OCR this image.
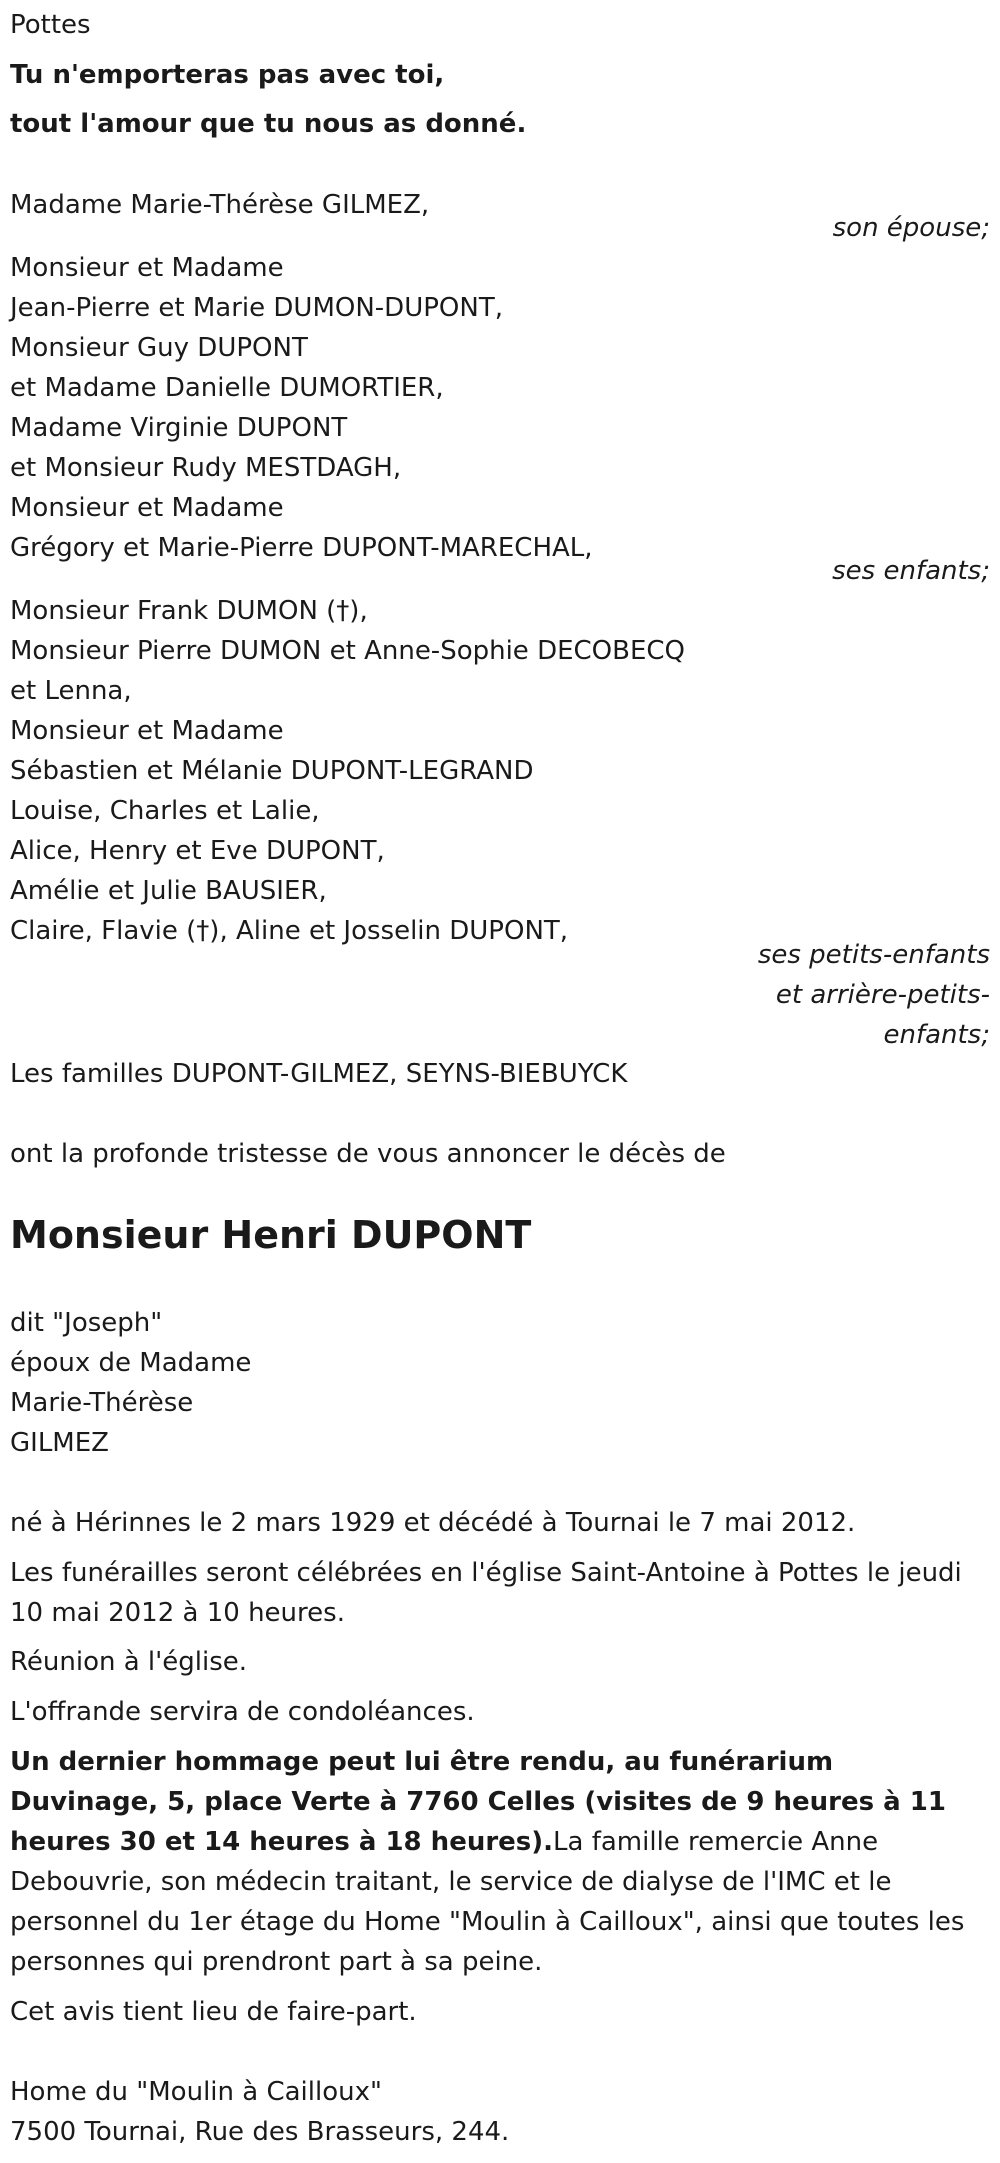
Pottes
Tu n'emporteras pas avec toi,
tout l'amour que tu nous as donné.
Madame Marie-Thérèse GILMEZ,
son épouse;
Monsieur et Madame
Jean-Pierre et Marie DUMON-DUPONT,
Monsieur Guy DUPONT
et Madame Danielle DUMORTIER,
Madame Virginie DUPONT
et Monsieur Rudy MESTDAGH,
Monsieur et Madame
Grégory et Marie-Pierre DUPONT-MARECHAL,
ses enfants;
Monsieur Frank DUMON (†),
Monsieur Pierre DUMON et Anne-Sophie DECOBECQ
et Lenna,
Monsieur et Madame
Sébastien et Mélanie DUPONT-LEGRAND
Louise, Charles et Lalie,
Alice, Henry et Eve DUPONT,
Amélie et Julie BAUSIER,
Claire, Flavie (†), Aline et Josselin DUPONT,
ses petits-enfants
et arrière-petits-
enfants;
Les familles DUPONT-GILMEZ, SEYNS-BIEBUYCK
ont la profonde tristesse de vous annoncer le décès de
Monsieur Henri DUPONT
dit "Joseph"
époux de Madame
Marie-Thérèse
GILMEZ
né à Hérinnes le 2 mars 1929 et décédé à Tournai le 7 mai 2012.
Les funérailles seront célébrées en l'église Saint-Antoine à Pottes le jeudi 10 mai 2012 à 10 heures.
Réunion à l'église.
L'offrande servira de condoléances.
Un dernier hommage peut lui être rendu, au funérarium Duvinage, 5, place Verte à 7760 Celles (visites de 9 heures à 11 heures 30 et 14 heures à 18 heures).La famille remercie Anne Debouvrie, son médecin traitant, le service de dialyse de l'IMC et le personnel du 1er étage du Home "Moulin à Cailloux", ainsi que toutes les personnes qui prendront part à sa peine.
Cet avis tient lieu de faire-part.
Home du "Moulin à Cailloux"
7500 Tournai, Rue des Brasseurs, 244.
